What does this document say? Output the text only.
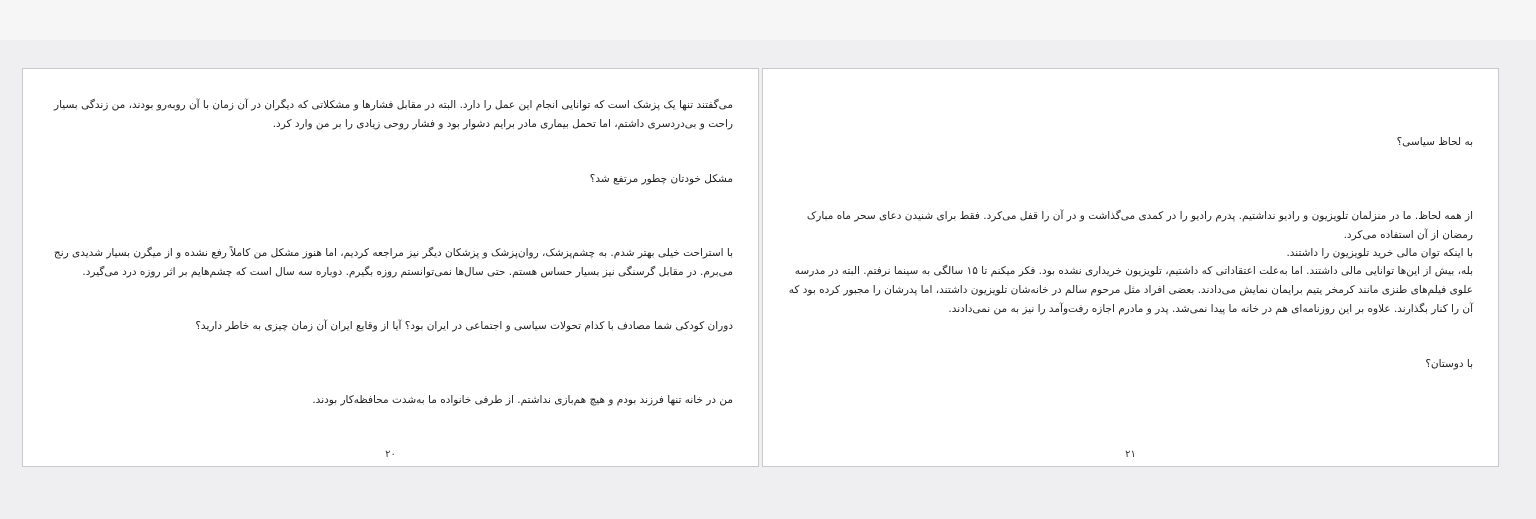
می‌گفتند تنها یک پزشک است که توانایی انجام این عمل را دارد. البته در مقابل فشارها و مشکلاتی که دیگران در آن زمان با آن روبه‌رو بودند، من زندگی بسیار راحت و بی‌دردسری داشتم، اما تحمل بیماری مادر برایم دشوار بود و فشار روحی زیادی را بر من وارد کرد.
مشکل خودتان چطور مرتفع شد؟
با استراحت خیلی بهتر شدم. به چشم‌پزشک، روان‌پزشک و پزشکان دیگر نیز مراجعه کردیم، اما هنوز مشکل من کاملاً رفع نشده و از میگرن بسیار شدیدی رنج می‌برم. در مقابل گرسنگی نیز بسیار حساس هستم. حتی سال‌ها نمی‌توانستم روزه بگیرم. دوباره سه سال است که چشم‌هایم بر اثر روزه درد می‌گیرد.
دوران کودکی شما مصادف با کدام تحولات سیاسی و اجتماعی در ایران بود؟ آیا از وقایع ایران آن زمان چیزی به خاطر دارید؟
من در خانه تنها فرزند بودم و هیچ هم‌بازی نداشتم. از طرفی خانواده ما به‌شدت محافظه‌کار بودند.
۲۰
به لحاظ سیاسی؟
از همه لحاظ. ما در منزلمان تلویزیون و رادیو نداشتیم. پدرم رادیو را در کمدی می‌گذاشت و در آن را قفل می‌کرد. فقط برای شنیدن دعای سحر ماه مبارک رمضان از آن استفاده می‌کرد.
با اینکه توان مالی خرید تلویزیون را داشتند.
بله، بیش از این‌ها توانایی مالی داشتند. اما به‌علت اعتقاداتی که داشتیم، تلویزیون خریداری نشده بود. فکر میکنم تا ۱۵ سالگی به سینما نرفتم. البته در مدرسه علوی فیلم‌های طنزی مانند کرمخر یتیم برایمان نمایش می‌دادند. بعضی افراد مثل مرحوم سالم در خانه‌شان تلویزیون داشتند، اما پدرشان را مجبور کرده بود که آن را کنار بگذارند. علاوه بر این روزنامه‌ای هم در خانه ما پیدا نمی‌شد. پدر و مادرم اجازه رفت‌وآمد را نیز به من نمی‌دادند.
با دوستان؟
۲۱
